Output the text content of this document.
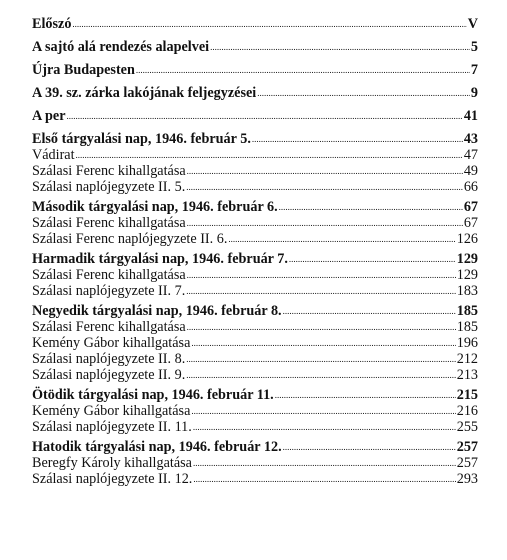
Előszó .....	V
A sajtó alá rendezés alapelvei .....	5
Újra Budapesten .....	7
A 39. sz. zárka lakójának feljegyzései .....	9
A per .....	41
Első tárgyalási nap, 1946. február 5. .....	43
Vádirat .....	47
Szálasi Ferenc kihallgatása .....	49
Szálasi naplójegyzete II. 5. .....	66
Második tárgyalási nap, 1946. február 6. .....	67
Szálasi Ferenc kihallgatása .....	67
Szálasi Ferenc naplójegyzete II. 6. .....	126
Harmadik tárgyalási nap, 1946. február 7. .....	129
Szálasi Ferenc kihallgatása .....	129
Szálasi naplójegyzete II. 7. .....	183
Negyedik tárgyalási nap, 1946. február 8. .....	185
Szálasi Ferenc kihallgatása .....	185
Kemény Gábor kihallgatása .....	196
Szálasi naplójegyzete II. 8. .....	212
Szálasi naplójegyzete II. 9. .....	213
Ötödik tárgyalási nap, 1946. február 11. .....	215
Kemény Gábor kihallgatása .....	216
Szálasi naplójegyzete II. 11. .....	255
Hatodik tárgyalási nap, 1946. február 12. .....	257
Beregfy Károly kihallgatása .....	257
Szálasi naplójegyzete II. 12. .....	293
